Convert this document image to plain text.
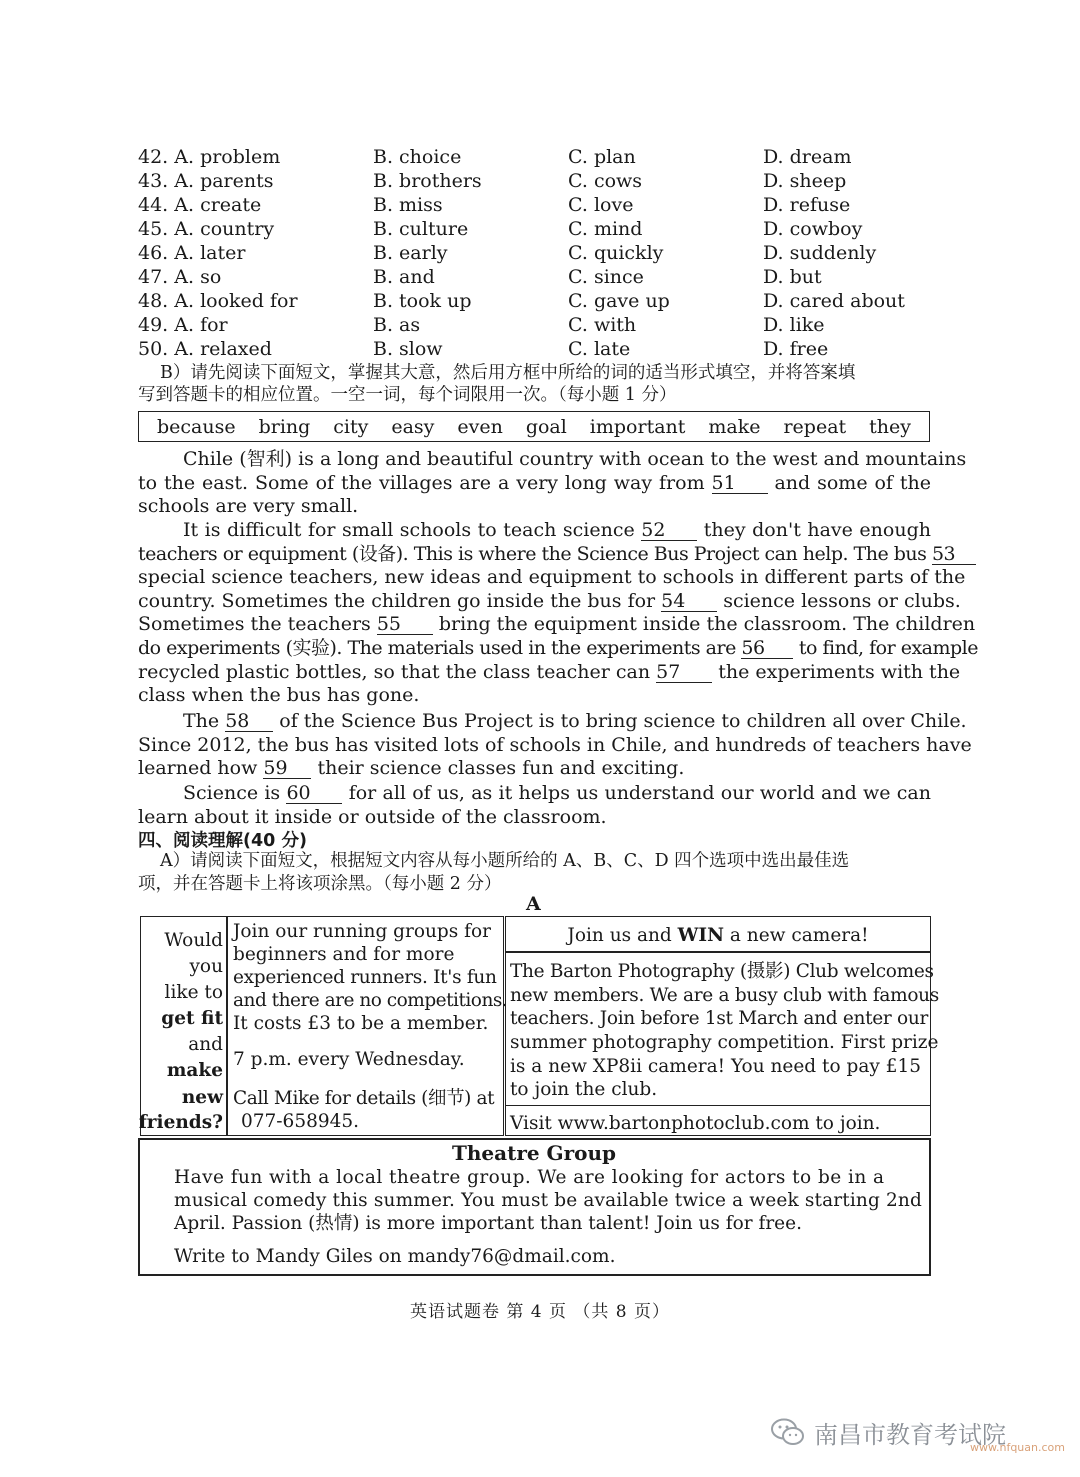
42. A. problem	B. choice	C. plan	D. dream
43. A. parents	B. brothers	C. cows	D. sheep
44. A. create	B. miss	C. love	D. refuse
45. A. country	B. culture	C. mind	D. cowboy
46. A. later	B. early	C. quickly	D. suddenly
47. A. so	B. and	C. since	D. but
48. A. looked for	B. took up	C. gave up	D. cared about
49. A. for	B. as	C. with	D. like
50. A. relaxed	B. slow	C. late	D. free
B）请先阅读下面短文，掌握其大意，然后用方框中所给的词的适当形式填空，并将答案填
写到答题卡的相应位置。一空一词，每个词限用一次。（每小题 1 分）
because bring city easy even goal important make repeat they
Chile (智利) is a long and beautiful country with ocean to the west and mountains
to the east. Some of the villages are a very long way from 51 and some of the
schools are very small.
It is difficult for small schools to teach science 52 they don't have enough
teachers or equipment (设备). This is where the Science Bus Project can help. The bus 53
special science teachers, new ideas and equipment to schools in different parts of the
country. Sometimes the children go inside the bus for 54 science lessons or clubs.
Sometimes the teachers 55 bring the equipment inside the classroom. The children
do experiments (实验). The materials used in the experiments are 56 to find, for example
recycled plastic bottles, so that the class teacher can 57 the experiments with the
class when the bus has gone.
The 58 of the Science Bus Project is to bring science to children all over Chile.
Since 2012, the bus has visited lots of schools in Chile, and hundreds of teachers have
learned how 59 their science classes fun and exciting.
Science is 60 for all of us, as it helps us understand our world and we can
learn about it inside or outside of the classroom.
四、阅读理解(40 分)
A）请阅读下面短文，根据短文内容从每小题所给的 A、B、C、D 四个选项中选出最佳选
项，并在答题卡上将该项涂黑。（每小题 2 分）
A
Would
you
like to
get fit
and
make
new
friends?
Join our running groups for
beginners and for more
experienced runners. It's fun
and there are no competitions.
It costs £3 to be a member.
7 p.m. every Wednesday.
Call Mike for details (细节) at
077-658945.
Join us and WIN a new camera!
The Barton Photography (摄影) Club welcomes
new members. We are a busy club with famous
teachers. Join before 1st March and enter our
summer photography competition. First prize
is a new XP8ii camera! You need to pay £15
to join the club.
Visit www.bartonphotoclub.com to join.
Theatre Group
Have fun with a local theatre group. We are looking for actors to be in a
musical comedy this summer. You must be available twice a week starting 2nd
April. Passion (热情) is more important than talent! Join us for free.
Write to Mandy Giles on mandy76@dmail.com.
英语试题卷 第 4 页 （共 8 页）
南昌市教育考试院
www.nfquan.com
